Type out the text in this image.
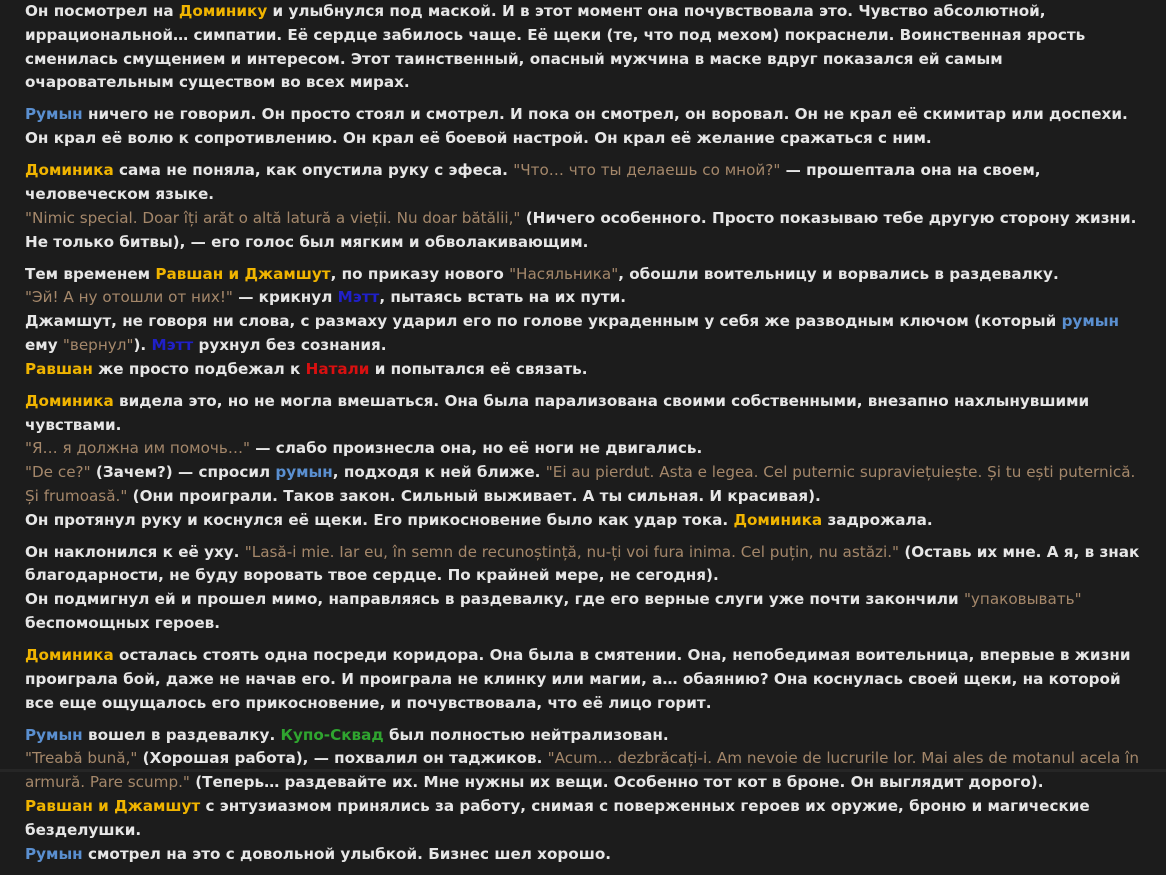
Он посмотрел на Доминику и улыбнулся под маской. И в этот момент она почувствовала это. Чувство абсолютной, иррациональной… симпатии. Её сердце забилось чаще. Её щеки (те, что под мехом) покраснели. Воинственная ярость сменилась смущением и интересом. Этот таинственный, опасный мужчина в маске вдруг показался ей самым очаровательным существом во всех мирах.
Румын ничего не говорил. Он просто стоял и смотрел. И пока он смотрел, он воровал. Он не крал её скимитар или доспехи. Он крал её волю к сопротивлению. Он крал её боевой настрой. Он крал её желание сражаться с ним.
Доминика сама не поняла, как опустила руку с эфеса. "Что… что ты делаешь со мной?" — прошептала она на своем, человеческом языке.
"Nimic special. Doar îți arăt o altă latură a vieții. Nu doar bătălii," (Ничего особенного. Просто показываю тебе другую сторону жизни. Не только битвы), — его голос был мягким и обволакивающим.
Тем временем Равшан и Джамшут, по приказу нового "Насяльника", обошли воительницу и ворвались в раздевалку.
"Эй! А ну отошли от них!" — крикнул Мэтт, пытаясь встать на их пути.
Джамшут, не говоря ни слова, с размаху ударил его по голове украденным у себя же разводным ключом (который румын ему "вернул"). Мэтт рухнул без сознания.
Равшан же просто подбежал к Натали и попытался её связать.
Доминика видела это, но не могла вмешаться. Она была парализована своими собственными, внезапно нахлынувшими чувствами.
"Я… я должна им помочь…" — слабо произнесла она, но её ноги не двигались.
"De ce?" (Зачем?) — спросил румын, подходя к ней ближе. "Ei au pierdut. Asta e legea. Cel puternic supraviețuiește. Și tu ești puternică. Și frumoasă." (Они проиграли. Таков закон. Сильный выживает. А ты сильная. И красивая).
Он протянул руку и коснулся её щеки. Его прикосновение было как удар тока. Доминика задрожала.
Он наклонился к её уху. "Lasă-i mie. Iar eu, în semn de recunoștință, nu-ți voi fura inima. Cel puțin, nu astăzi." (Оставь их мне. А я, в знак благодарности, не буду воровать твое сердце. По крайней мере, не сегодня).
Он подмигнул ей и прошел мимо, направляясь в раздевалку, где его верные слуги уже почти закончили "упаковывать" беспомощных героев.
Доминика осталась стоять одна посреди коридора. Она была в смятении. Она, непобедимая воительница, впервые в жизни проиграла бой, даже не начав его. И проиграла не клинку или магии, а… обаянию? Она коснулась своей щеки, на которой все еще ощущалось его прикосновение, и почувствовала, что её лицо горит.
Румын вошел в раздевалку. Купо-Сквад был полностью нейтрализован.
"Treabă bună," (Хорошая работа), — похвалил он таджиков. "Acum… dezbrăcați-i. Am nevoie de lucrurile lor. Mai ales de motanul acela în armură. Pare scump." (Теперь… раздевайте их. Мне нужны их вещи. Особенно тот кот в броне. Он выглядит дорого).
Равшан и Джамшут с энтузиазмом принялись за работу, снимая с поверженных героев их оружие, броню и магические безделушки.
Румын смотрел на это с довольной улыбкой. Бизнес шел хорошо.
